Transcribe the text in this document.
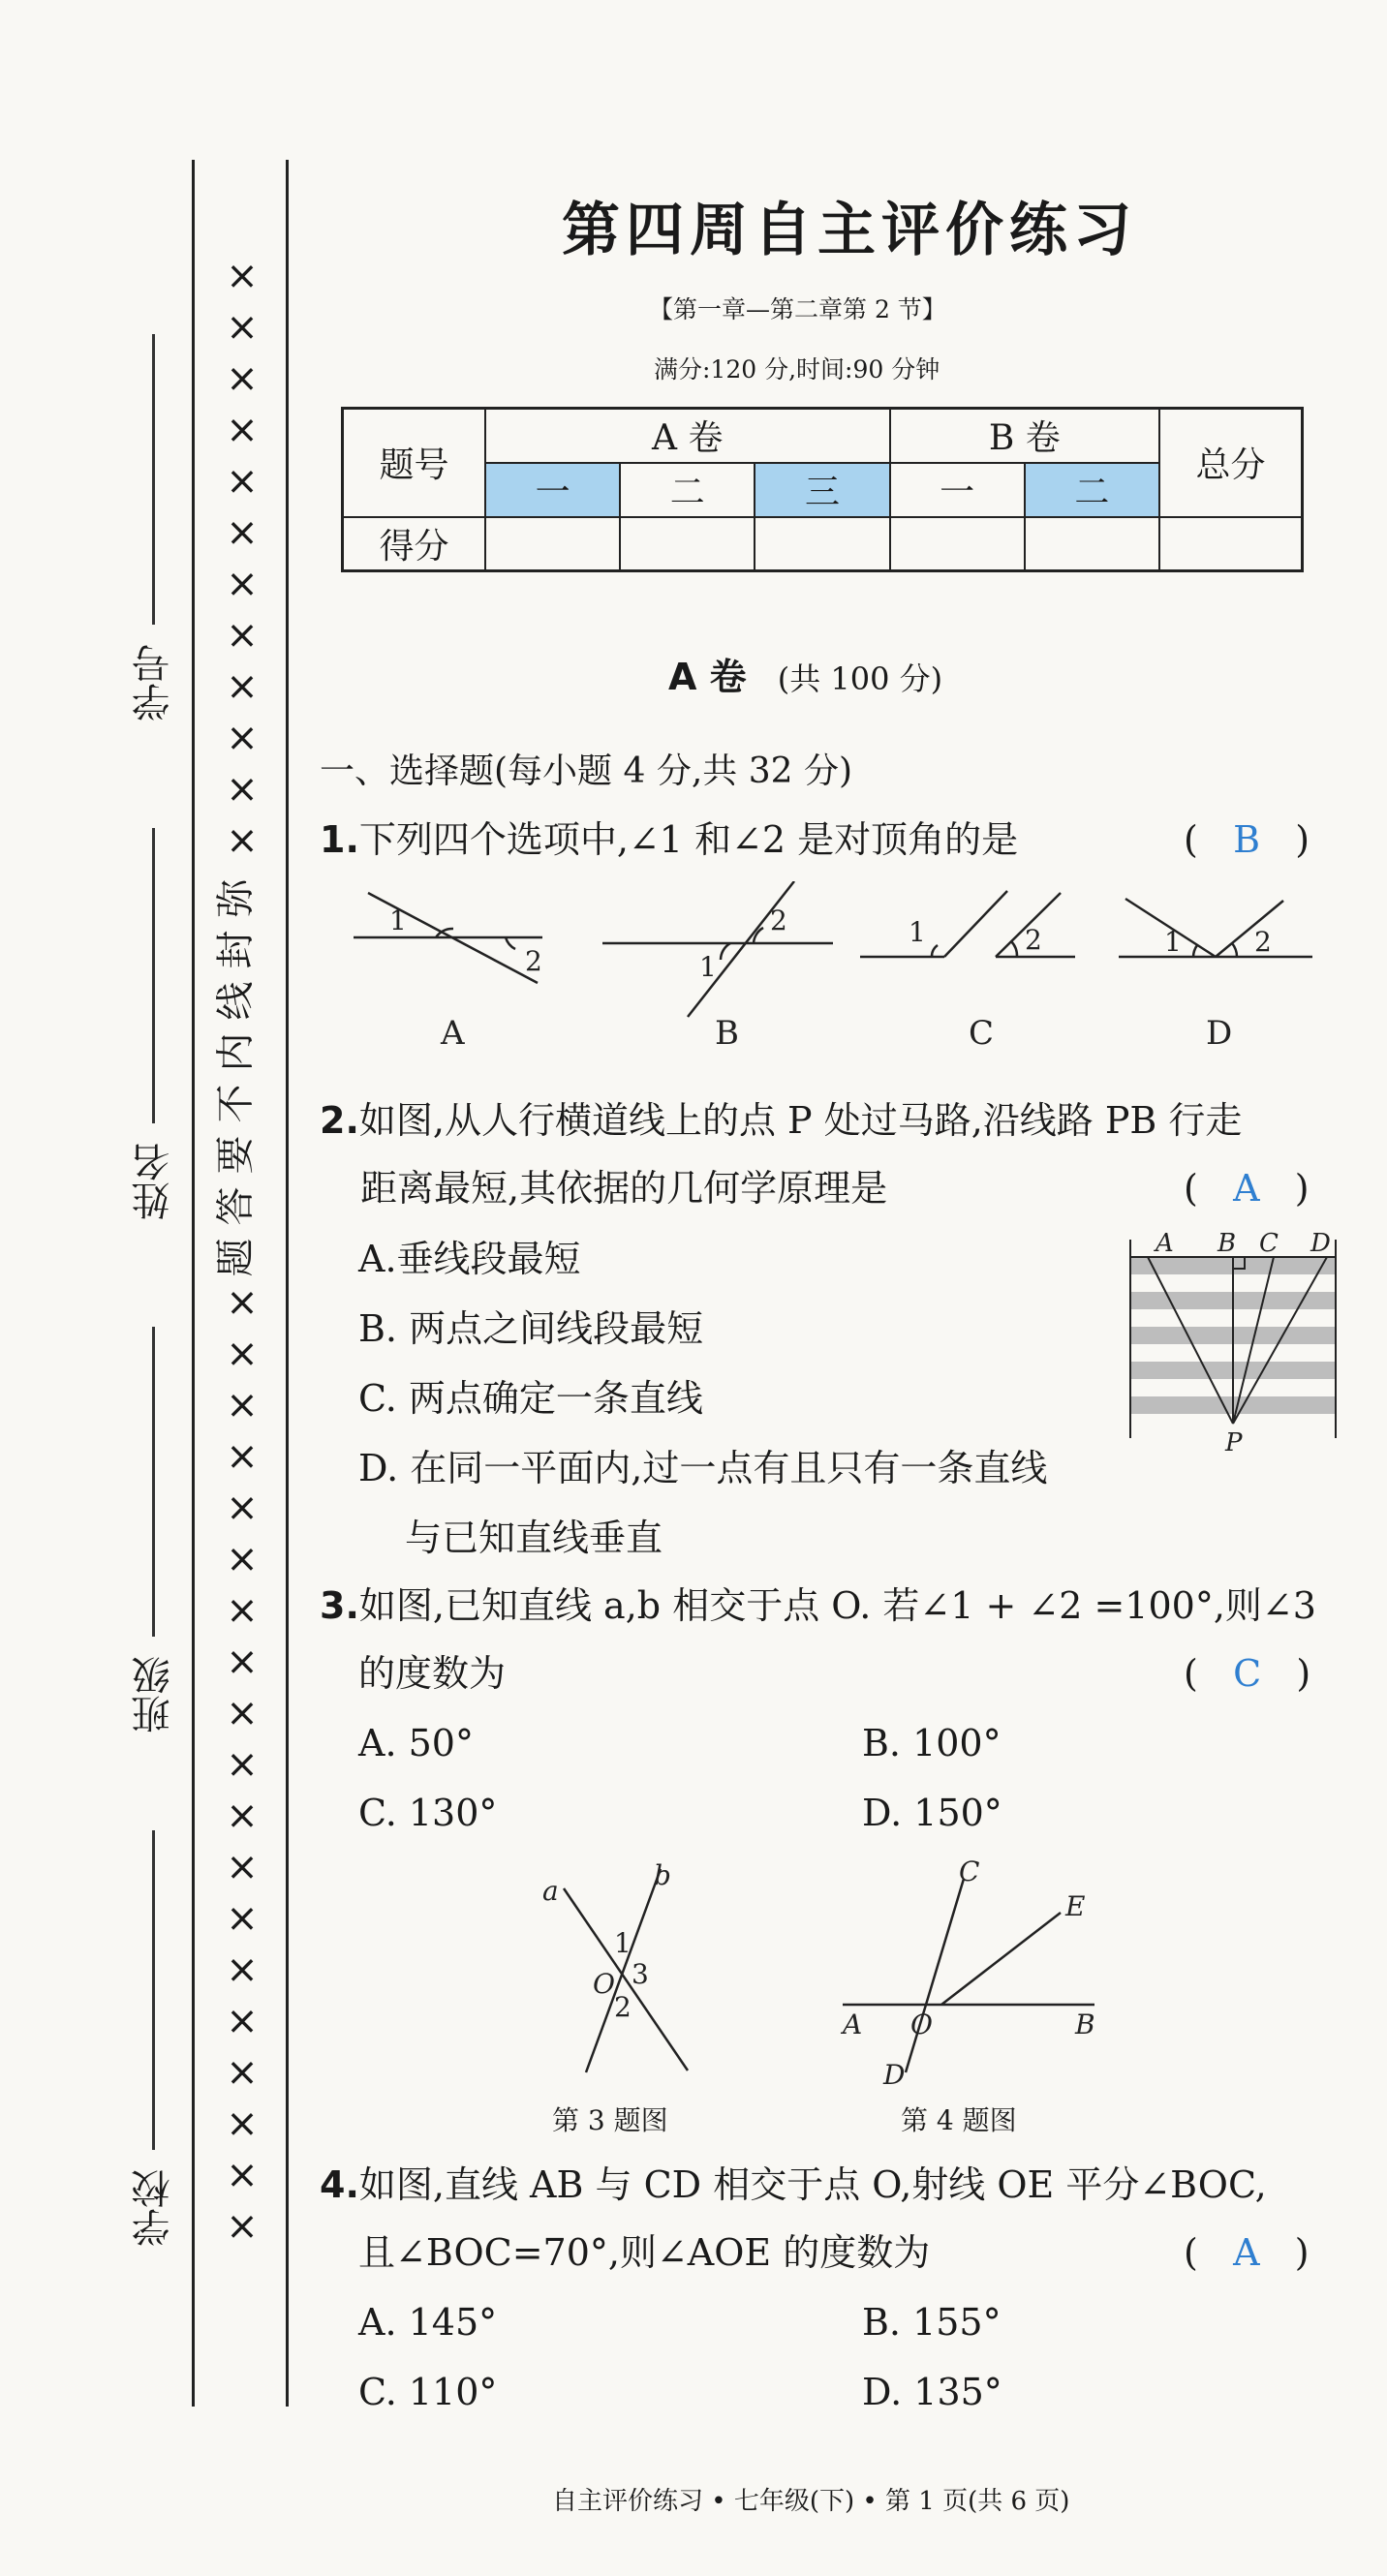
学号
姓名
班级
学校
×
×
×
×
×
×
×
×
×
×
×
×
弥
封
线
内
不
要
答
题
×
×
×
×
×
×
×
×
×
×
×
×
×
×
×
×
×
×
×
第四周自主评价练习
【第一章—第二章第 2 节】
满分:120 分,时间:90 分钟
题号	A 卷			B 卷		总分
	一	二	三	一	二	
得分						
A 卷 (共 100 分)
一、选择题(每小题 4 分,共 32 分)
1.下列四个选项中,∠1 和∠2 是对顶角的是	(   B   )
1
2	1
2	1	2	1	2
A	B	C	D
2.如图,从人行横道线上的点 P 处过马路,沿线路 PB 行走
距离最短,其依据的几何学原理是	(   A   )
A.垂线段最短
B. 两点之间线段最短
C. 两点确定一条直线
D. 在同一平面内,过一点有且只有一条直线
与已知直线垂直
A B C D
P
3.如图,已知直线 a,b 相交于点 O. 若∠1 + ∠2 =100°,则∠3
的度数为	(   C   )
A. 50°	B. 100°
C. 130°	D. 150°
a	b
O
1
2
3
第 3 题图
C
E
A O	B
D
第 4 题图
4.如图,直线 AB 与 CD 相交于点 O,射线 OE 平分∠BOC,
且∠BOC=70°,则∠AOE 的度数为	(   A   )
A. 145°	B. 155°
C. 110°	D. 135°
自主评价练习 • 七年级(下) • 第 1 页(共 6 页)
